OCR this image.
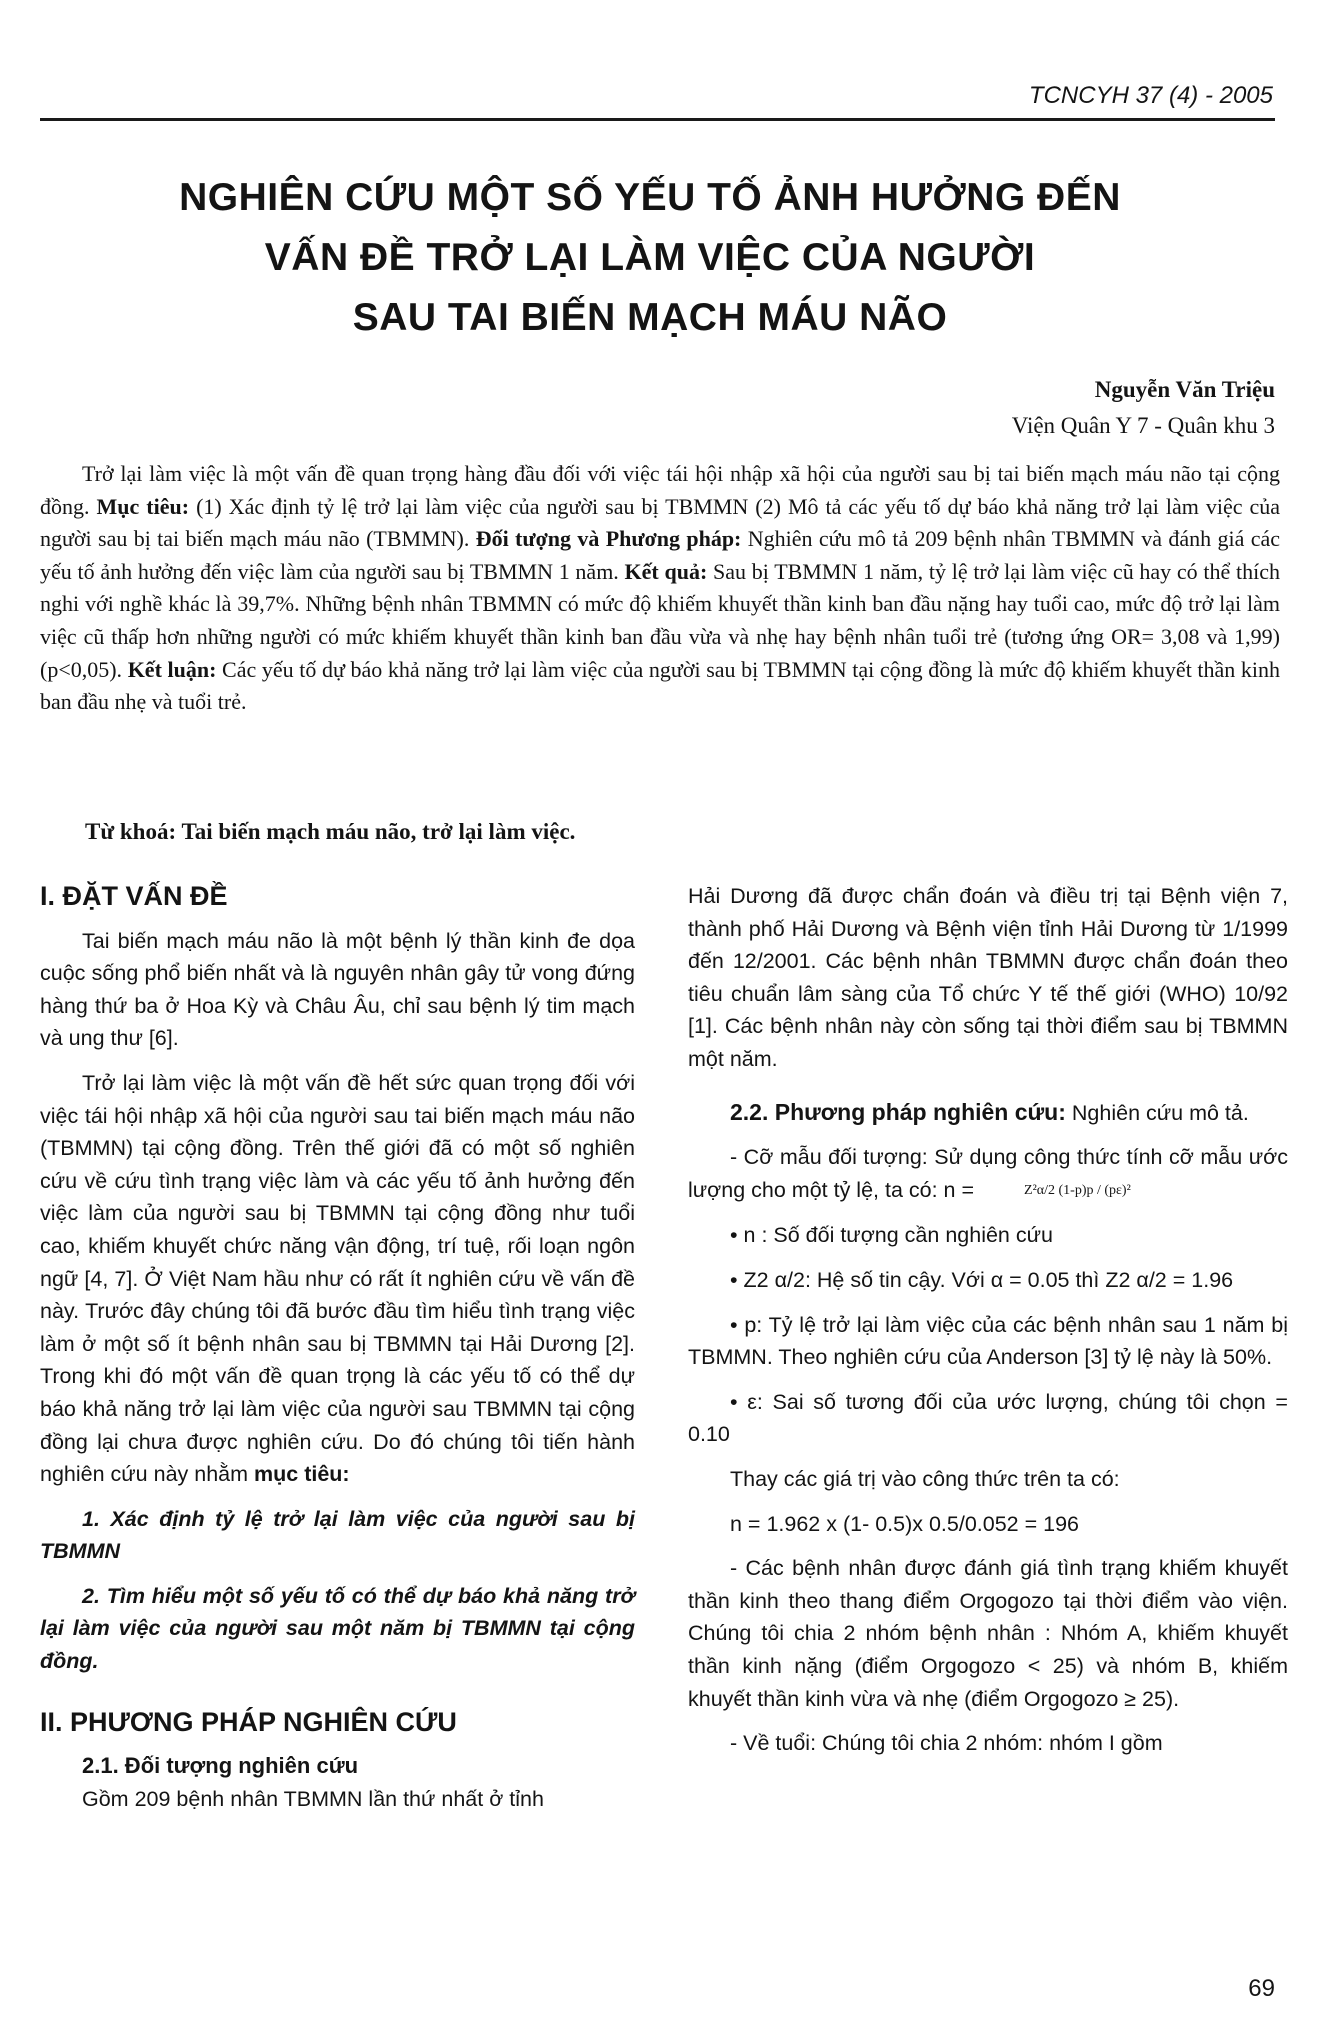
TCNCYH 37 (4) - 2005
NGHIÊN CỨU MỘT SỐ YẾU TỐ ẢNH HƯỞNG ĐẾN
VẤN ĐỀ TRỞ LẠI LÀM VIỆC CỦA NGƯỜI
SAU TAI BIẾN MẠCH MÁU NÃO
Nguyễn Văn Triệu
Viện Quân Y 7 - Quân khu 3
Trở lại làm việc là một vấn đề quan trọng hàng đầu đối với việc tái hội nhập xã hội của người sau bị tai biến mạch máu não tại cộng đồng. Mục tiêu: (1) Xác định tỷ lệ trở lại làm việc của người sau bị TBMMN (2) Mô tả các yếu tố dự báo khả năng trở lại làm việc của người sau bị tai biến mạch máu não (TBMMN). Đối tượng và Phương pháp: Nghiên cứu mô tả 209 bệnh nhân TBMMN và đánh giá các yếu tố ảnh hưởng đến việc làm của người sau bị TBMMN 1 năm. Kết quả: Sau bị TBMMN 1 năm, tỷ lệ trở lại làm việc cũ hay có thể thích nghi với nghề khác là 39,7%. Những bệnh nhân TBMMN có mức độ khiếm khuyết thần kinh ban đầu nặng hay tuổi cao, mức độ trở lại làm việc cũ thấp hơn những người có mức khiếm khuyết thần kinh ban đầu vừa và nhẹ hay bệnh nhân tuổi trẻ (tương ứng OR= 3,08 và 1,99) (p<0,05). Kết luận: Các yếu tố dự báo khả năng trở lại làm việc của người sau bị TBMMN tại cộng đồng là mức độ khiếm khuyết thần kinh ban đầu nhẹ và tuổi trẻ.
Từ khoá: Tai biến mạch máu não, trở lại làm việc.
I. ĐẶT VẤN ĐỀ

Tai biến mạch máu não là một bệnh lý thần kinh đe dọa cuộc sống phổ biến nhất và là nguyên nhân gây tử vong đứng hàng thứ ba ở Hoa Kỳ và Châu Âu, chỉ sau bệnh lý tim mạch và ung thư [6].

Trở lại làm việc là một vấn đề hết sức quan trọng đối với việc tái hội nhập xã hội của người sau tai biến mạch máu não (TBMMN) tại cộng đồng. Trên thế giới đã có một số nghiên cứu về cứu tình trạng việc làm và các yếu tố ảnh hưởng đến việc làm của người sau bị TBMMN tại cộng đồng như tuổi cao, khiếm khuyết chức năng vận động, trí tuệ, rối loạn ngôn ngữ [4, 7]. Ở Việt Nam hầu như có rất ít nghiên cứu về vấn đề này. Trước đây chúng tôi đã bước đầu tìm hiểu tình trạng việc làm ở một số ít bệnh nhân sau bị TBMMN tại Hải Dương [2]. Trong khi đó một vấn đề quan trọng là các yếu tố có thể dự báo khả năng trở lại làm việc của người sau TBMMN tại cộng đồng lại chưa được nghiên cứu. Do đó chúng tôi tiến hành nghiên cứu này nhằm mục tiêu:

1. Xác định tỷ lệ trở lại làm việc của người sau bị TBMMN

2. Tìm hiểu một số yếu tố có thể dự báo khả năng trở lại làm việc của người sau một năm bị TBMMN tại cộng đồng.

II. PHƯƠNG PHÁP NGHIÊN CỨU
2.1. Đối tượng nghiên cứu

Gồm 209 bệnh nhân TBMMN lần thứ nhất ở tỉnh

Hải Dương đã được chẩn đoán và điều trị tại Bệnh viện 7, thành phố Hải Dương và Bệnh viện tỉnh Hải Dương từ 1/1999 đến 12/2001. Các bệnh nhân TBMMN được chẩn đoán theo tiêu chuẩn lâm sàng của Tổ chức Y tế thế giới (WHO) 10/92 [1]. Các bệnh nhân này còn sống tại thời điểm sau bị TBMMN một năm.

2.2. Phương pháp nghiên cứu: Nghiên cứu mô tả.

- Cỡ mẫu đối tượng: Sử dụng công thức tính cỡ mẫu ước lượng cho một tỷ lệ, ta có: n =	Z²α/2 (1-p)p / (pε)²

• n : Số đối tượng cần nghiên cứu

• Z2 α/2: Hệ số tin cậy. Với α = 0.05 thì Z2 α/2 = 1.96

• p: Tỷ lệ trở lại làm việc của các bệnh nhân sau 1 năm bị TBMMN. Theo nghiên cứu của Anderson [3] tỷ lệ này là 50%.

• ε: Sai số tương đối của ước lượng, chúng tôi chọn = 0.10

Thay các giá trị vào công thức trên ta có:

n = 1.962 x (1- 0.5)x 0.5/0.052 = 196

- Các bệnh nhân được đánh giá tình trạng khiếm khuyết thần kinh theo thang điểm Orgogozo tại thời điểm vào viện. Chúng tôi chia 2 nhóm bệnh nhân : Nhóm A, khiếm khuyết thần kinh nặng (điểm Orgogozo < 25) và nhóm B, khiếm khuyết thần kinh vừa và nhẹ (điểm Orgogozo ≥ 25).

- Về tuổi: Chúng tôi chia 2 nhóm: nhóm I gồm

69
